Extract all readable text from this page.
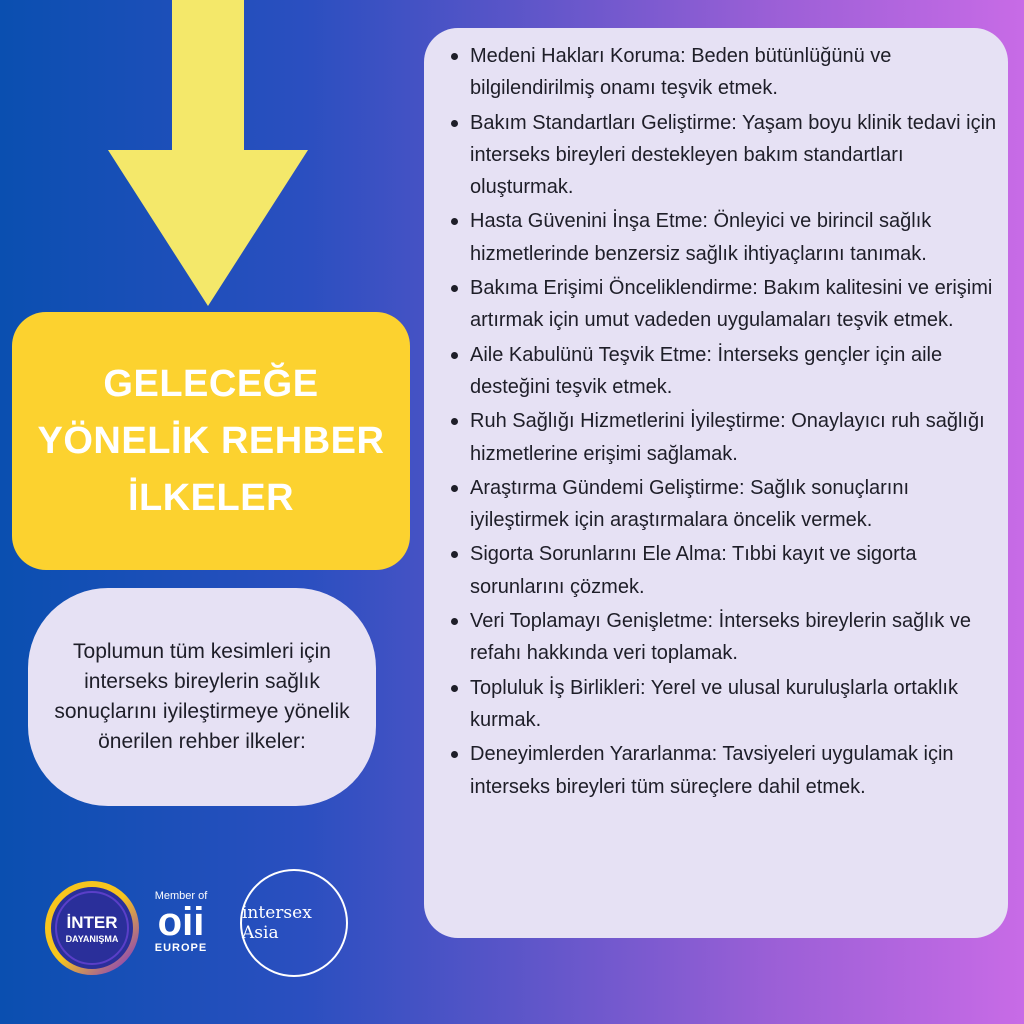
GELECEĞE
YÖNELİK REHBER
İLKELER
Toplumun tüm kesimleri için interseks bireylerin sağlık sonuçlarını iyileştirmeye yönelik önerilen rehber ilkeler:
Medeni Hakları Koruma: Beden bütünlüğünü ve bilgilendirilmiş onamı teşvik etmek.
Bakım Standartları Geliştirme: Yaşam boyu klinik tedavi için interseks bireyleri destekleyen bakım standartları oluşturmak.
Hasta Güvenini İnşa Etme: Önleyici ve birincil sağlık hizmetlerinde benzersiz sağlık ihtiyaçlarını tanımak.
Bakıma Erişimi Önceliklendirme: Bakım kalitesini ve erişimi artırmak için umut vadeden uygulamaları teşvik etmek.
Aile Kabulünü Teşvik Etme: İnterseks gençler için aile desteğini teşvik etmek.
Ruh Sağlığı Hizmetlerini İyileştirme: Onaylayıcı ruh sağlığı hizmetlerine erişimi sağlamak.
Araştırma Gündemi Geliştirme: Sağlık sonuçlarını iyileştirmek için araştırmalara öncelik vermek.
Sigorta Sorunlarını Ele Alma: Tıbbi kayıt ve sigorta sorunlarını çözmek.
Veri Toplamayı Genişletme: İnterseks bireylerin sağlık ve refahı hakkında veri toplamak.
Topluluk İş Birlikleri: Yerel ve ulusal kuruluşlarla ortaklık kurmak.
Deneyimlerden Yararlanma: Tavsiyeleri uygulamak için interseks bireyleri tüm süreçlere dahil etmek.
İNTER
DAYANIŞMA
Member of
oii
EUROPE
intersex Asia
